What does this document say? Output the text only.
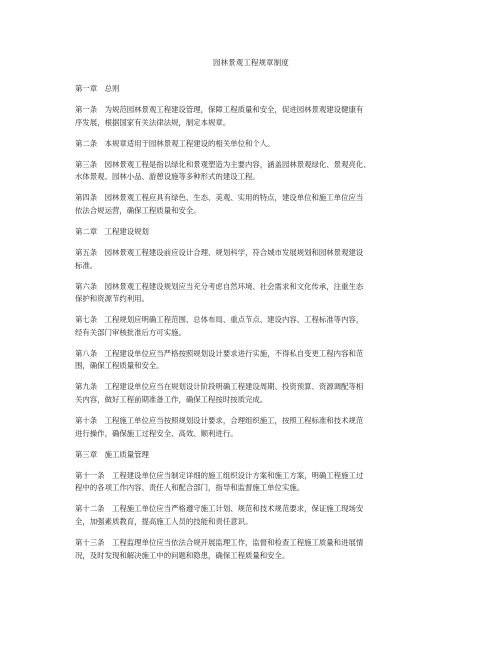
园林景观工程规章制度
第一章　总则
第一条　为规范园林景观工程建设管理，保障工程质量和安全，促进园林景观建设健康有
序发展，根据国家有关法律法规，制定本规章。
第二条　本规章适用于园林景观工程建设的相关单位和个人。
第三条　园林景观工程是指以绿化和景观塑造为主要内容，涵盖园林景观绿化、景观亮化、
水体景观、园林小品、游憩设施等多种形式的建设工程。
第四条　园林景观工程应具有绿色、生态、美观、实用的特点，建设单位和施工单位应当
依法合规运营，确保工程质量和安全。
第二章　工程建设规划
第五条　园林景观工程建设前应设计合理、规划科学，符合城市发展规划和园林景观建设
标准。
第六条　园林景观工程建设规划应当充分考虑自然环境、社会需求和文化传承，注重生态
保护和资源节约利用。
第七条　工程规划应明确工程范围、总体布局、重点节点、建设内容、工程标准等内容，
经有关部门审核批准后方可实施。
第八条　工程建设单位应当严格按照规划设计要求进行实施，不得私自变更工程内容和范
围，确保工程质量和安全。
第九条　工程建设单位应当在规划设计阶段明确工程建设周期、投资预算、资源调配等相
关内容，做好工程前期准备工作，确保工程按时按质完成。
第十条　工程施工单位应当按照规划设计要求，合理组织施工，按照工程标准和技术规范
进行操作，确保施工过程安全、高效、顺利进行。
第三章　施工质量管理
第十一条　工程建设单位应当制定详细的施工组织设计方案和施工方案，明确工程施工过
程中的各项工作内容、责任人和配合部门，指导和监督施工单位实施。
第十二条　工程施工单位应当严格遵守施工计划、规范和技术规范要求，保证施工现场安
全，加强素质教育，提高施工人员的技能和责任意识。
第十三条　工程监理单位应当依法合规开展监理工作，监督和检查工程施工质量和进展情
况，及时发现和解决施工中的问题和隐患，确保工程质量和安全。
